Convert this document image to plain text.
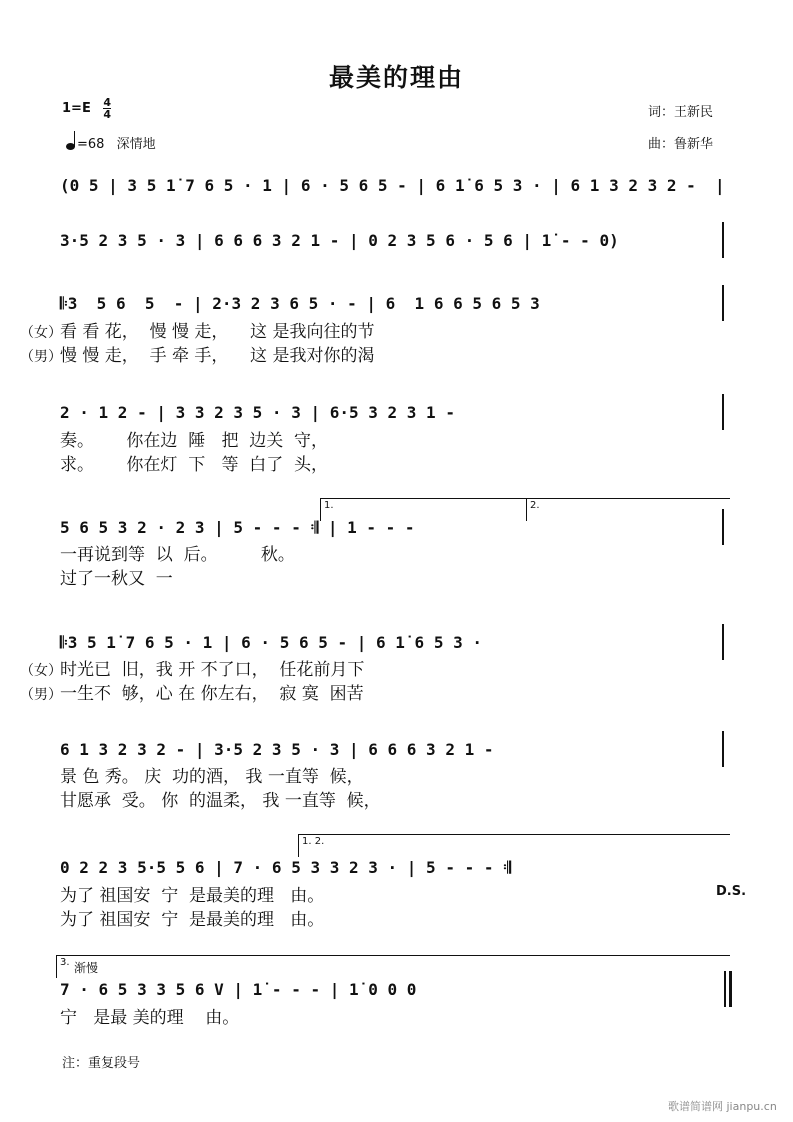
最美的理由
$1=E \frac{4}{4}$
=68 深情地
词：王新民
曲：鲁新华
(0 5 | 3 5 1̇ 7 6 5 · 1 | 6 · 5 6 5 - | 6 1̇ 6 5 3 · | 6 1 3 2 3 2 -  |
3·5 2 3 5 · 3 | 6 6 6 3 2 1 - | 0 2 3 5 6 · 5 6 | 1̇ - - 0)
𝄆3  5 6  5  - | 2·3 2 3 6 5 · - | 6  1 6 6 5 6 5 3
（女）
（男）
看 看 花，  慢 慢 走，    这 是我向往的节
慢 慢 走，  手 牵 手，    这 是我对你的渴
2 · 1 2 - | 3 3 2 3 5 · 3 | 6·5 3 2 3 1 -
奏。      你在边  陲   把  边关  守，
求。      你在灯  下   等  白了  头，
1.	2.
5 6 5 3 2 · 2 3 | 5 - - - 𝄇 | 1 - - -
一再说到等  以  后。        秋。
过了一秋又  一
𝄆3 5 1̇ 7 6 5 · 1 | 6 · 5 6 5 - | 6 1̇ 6 5 3 ·
（女）
（男）
时光已  旧，我 开 不了口，  任花前月下
一生不  够，心 在 你左右，  寂 寞  困苦
6 1 3 2 3 2 - | 3·5 2 3 5 · 3 | 6 6 6 3 2 1 -
景 色 秀。 庆  功的酒， 我 一直等  候，
甘愿承  受。 你  的温柔， 我 一直等  候，
1. 2.
0 2 2 3 5·5 5 6 | 7 · 6 5 3 3 2 3 · | 5 - - - 𝄇
D.S.
为了 祖国安  宁  是最美的理   由。
为了 祖国安  宁  是最美的理   由。
3. 渐慢
7 · 6 5 3 3 5 6 V | 1̇ - - - | 1̇ 0 0 0
宁   是最 美的理    由。
注：重复段号
歌谱简谱网 jianpu.cn
